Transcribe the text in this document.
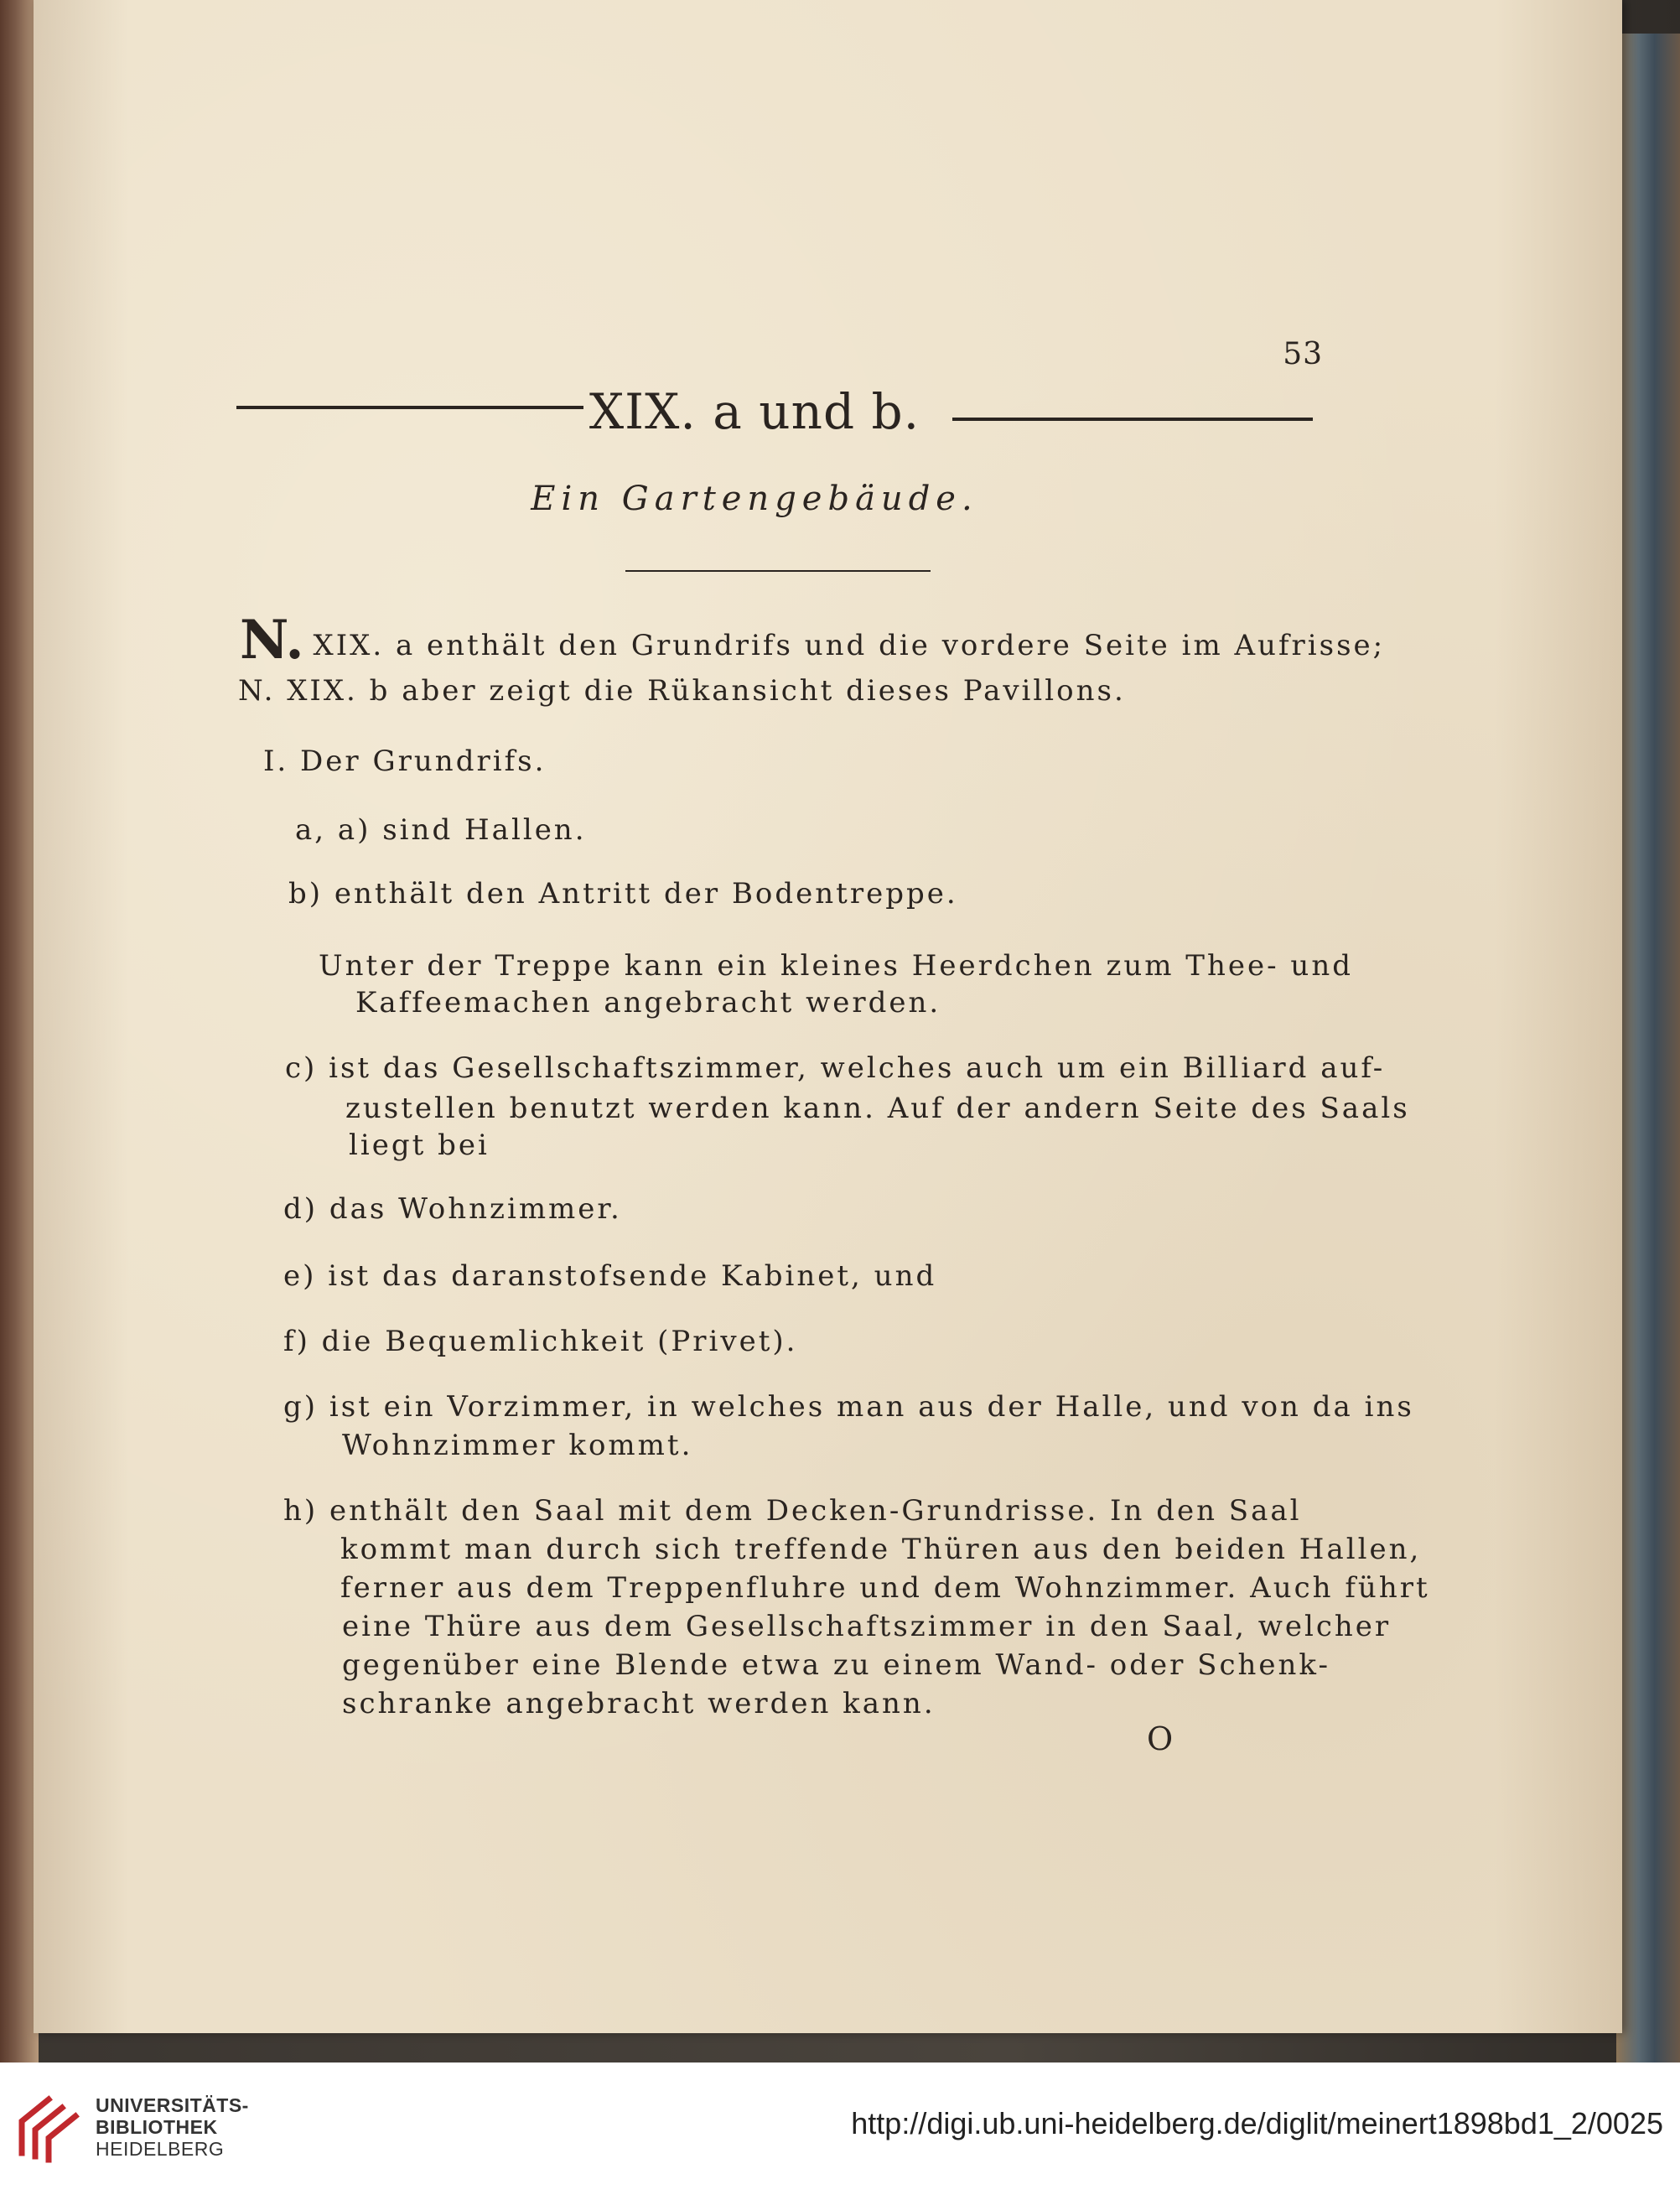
53
XIX. a und b.
Ein Gartengebäude.
N. XIX. a enthält den Grundrifs und die vordere Seite im Aufrisse;
N. XIX. b aber zeigt die Rükansicht dieses Pavillons.
I. Der Grundrifs.
a, a) sind Hallen.
b) enthält den Antritt der Bodentreppe.
Unter der Treppe kann ein kleines Heerdchen zum Thee- und
Kaffeemachen angebracht werden.
c) ist das Gesellschaftszimmer, welches auch um ein Billiard auf-
zustellen benutzt werden kann. Auf der andern Seite des Saals
liegt bei
d) das Wohnzimmer.
e) ist das daranstofsende Kabinet, und
f) die Bequemlichkeit (Privet).
g) ist ein Vorzimmer, in welches man aus der Halle, und von da ins
Wohnzimmer kommt.
h) enthält den Saal mit dem Decken-Grundrisse. In den Saal
kommt man durch sich treffende Thüren aus den beiden Hallen,
ferner aus dem Treppenfluhre und dem Wohnzimmer. Auch führt
eine Thüre aus dem Gesellschaftszimmer in den Saal, welcher
gegenüber eine Blende etwa zu einem Wand- oder Schenk-
schranke angebracht werden kann.
O
UNIVERSITÄTS-
BIBLIOTHEK
HEIDELBERG
http://digi.ub.uni-heidelberg.de/diglit/meinert1898bd1_2/0025
